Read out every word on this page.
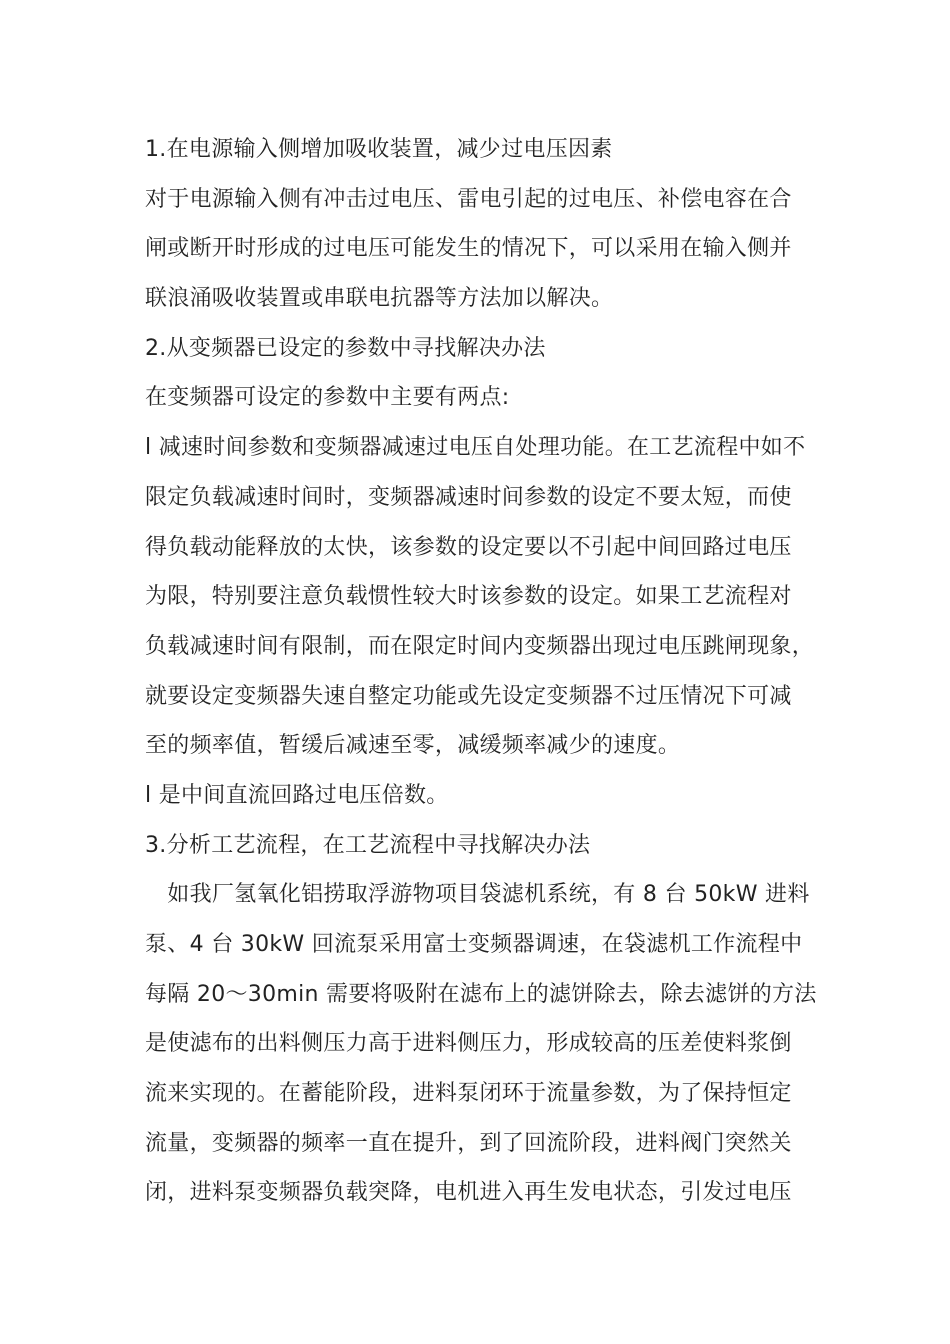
1.在电源输入侧增加吸收装置，减少过电压因素
对于电源输入侧有冲击过电压、雷电引起的过电压、补偿电容在合
闸或断开时形成的过电压可能发生的情况下，可以采用在输入侧并
联浪涌吸收装置或串联电抗器等方法加以解决。
2.从变频器已设定的参数中寻找解决办法
在变频器可设定的参数中主要有两点:
l 减速时间参数和变频器减速过电压自处理功能。在工艺流程中如不
限定负载减速时间时，变频器减速时间参数的设定不要太短，而使
得负载动能释放的太快，该参数的设定要以不引起中间回路过电压
为限，特别要注意负载惯性较大时该参数的设定。如果工艺流程对
负载减速时间有限制，而在限定时间内变频器出现过电压跳闸现象，
就要设定变频器失速自整定功能或先设定变频器不过压情况下可减
至的频率值，暂缓后减速至零，减缓频率减少的速度。
l 是中间直流回路过电压倍数。
3.分析工艺流程，在工艺流程中寻找解决办法
　如我厂氢氧化铝捞取浮游物项目袋滤机系统，有 8 台 50kW 进料
泵、4 台 30kW 回流泵采用富士变频器调速，在袋滤机工作流程中
每隔 20～30min 需要将吸附在滤布上的滤饼除去，除去滤饼的方法
是使滤布的出料侧压力高于进料侧压力，形成较高的压差使料浆倒
流来实现的。在蓄能阶段，进料泵闭环于流量参数，为了保持恒定
流量，变频器的频率一直在提升，到了回流阶段，进料阀门突然关
闭，进料泵变频器负载突降，电机进入再生发电状态，引发过电压
